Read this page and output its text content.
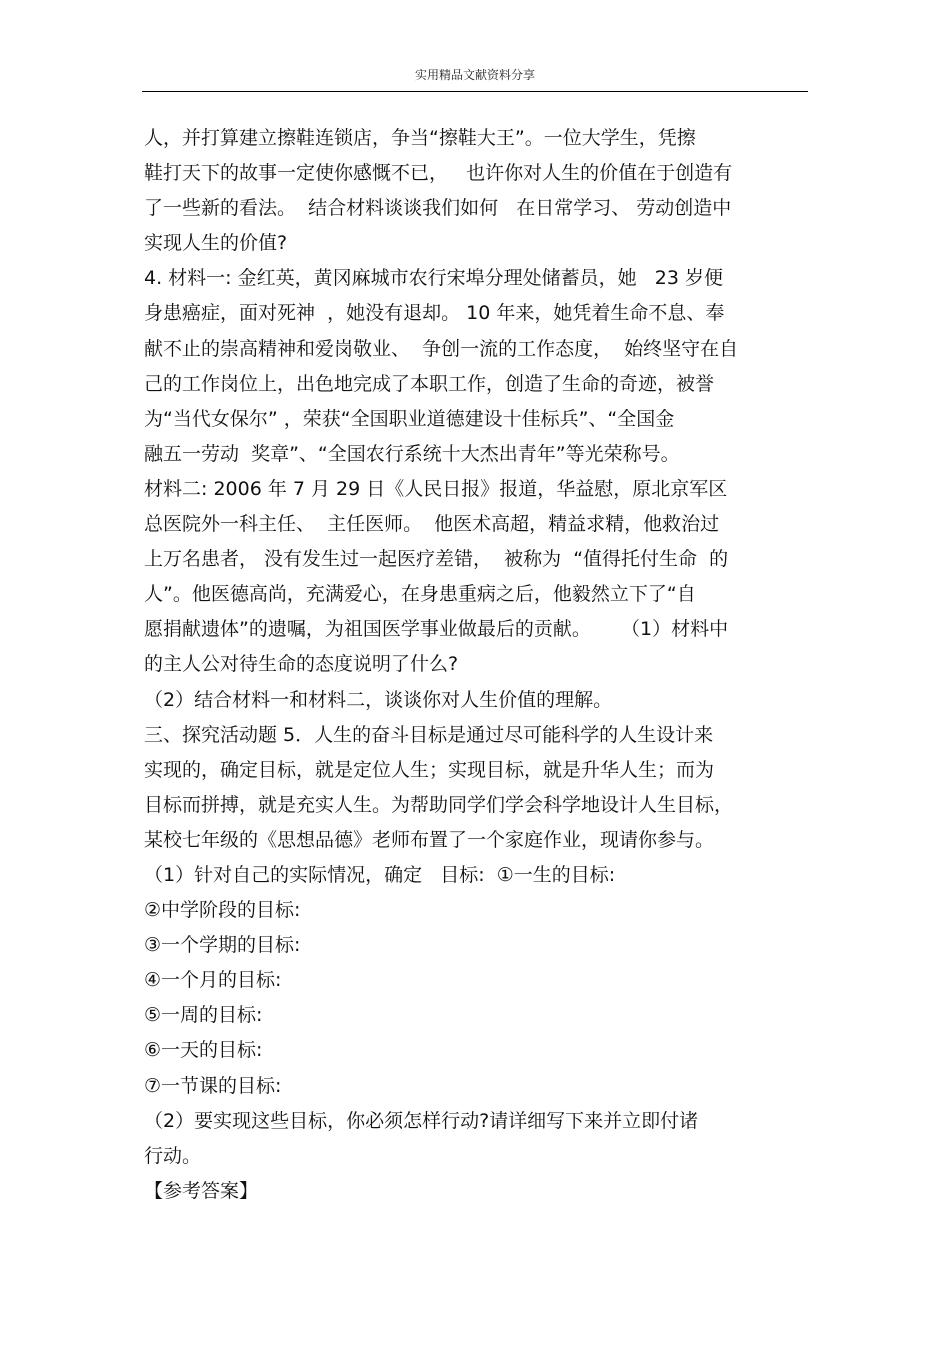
实用精品文献资料分享
人，并打算建立擦鞋连锁店，争当“擦鞋大王”。一位大学生，凭擦
鞋打天下的故事一定使你感慨不已，   也许你对人生的价值在于创造有
了一些新的看法。  结合材料谈谈我们如何   在日常学习、 劳动创造中
实现人生的价值?
4. 材料一: 金红英，黄冈麻城市农行宋埠分理处储蓄员，她   23 岁便
身患癌症，面对死神  ，她没有退却。 10 年来，她凭着生命不息、奉
献不止的崇高精神和爱岗敬业、  争创一流的工作态度，  始终坚守在自
己的工作岗位上，出色地完成了本职工作，创造了生命的奇迹，被誉
为“当代女保尔” ，荣获“全国职业道德建设十佳标兵”、“全国金
融五一劳动  奖章”、“全国农行系统十大杰出青年”等光荣称号。
材料二: 2006 年 7 月 29 日《人民日报》报道，华益慰，原北京军区
总医院外一科主任、  主任医师。  他医术高超，精益求精，他救治过
上万名患者， 没有发生过一起医疗差错，  被称为  “值得托付生命  的
人”。他医德高尚，充满爱心，在身患重病之后，他毅然立下了“自
愿捐献遗体”的遗嘱，为祖国医学事业做最后的贡献。     （1）材料中
的主人公对待生命的态度说明了什么?
（2）结合材料一和材料二，谈谈你对人生价值的理解。
三、探究活动题 5．人生的奋斗目标是通过尽可能科学的人生设计来
实现的，确定目标，就是定位人生；实现目标，就是升华人生；而为
目标而拼搏，就是充实人生。为帮助同学们学会科学地设计人生目标，
某校七年级的《思想品德》老师布置了一个家庭作业，现请你参与。
（1）针对自己的实际情况，确定   目标:  ①一生的目标:
②中学阶段的目标:
③一个学期的目标:
④一个月的目标:
⑤一周的目标:
⑥一天的目标:
⑦一节课的目标:
（2）要实现这些目标，你必须怎样行动?请详细写下来并立即付诸
行动。
【参考答案】
